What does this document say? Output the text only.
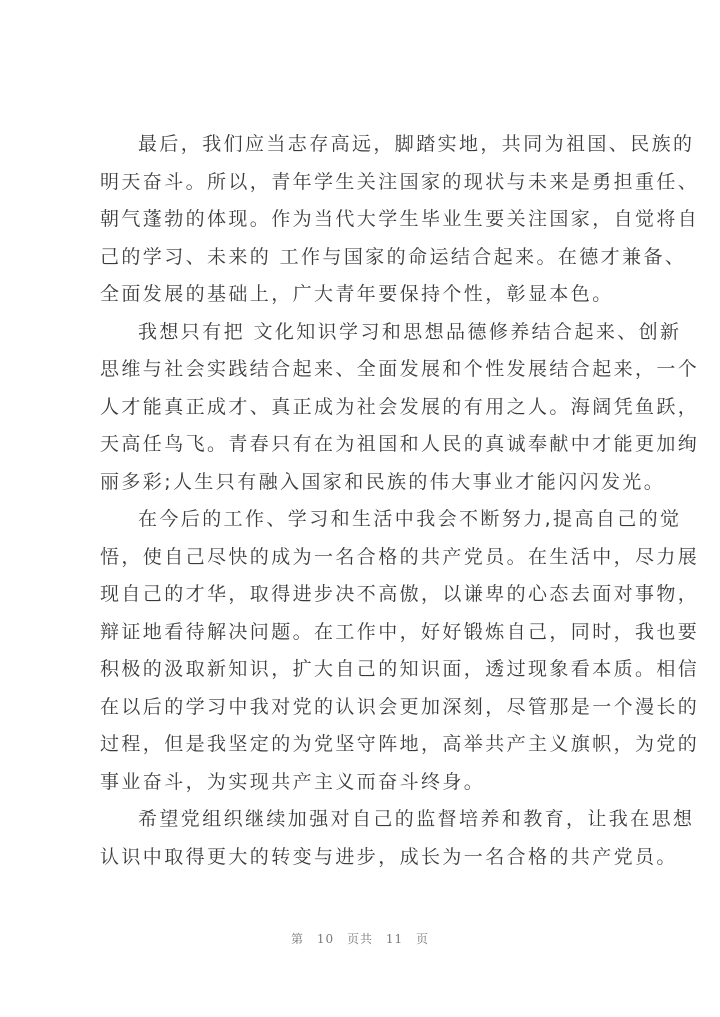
最后，我们应当志存高远，脚踏实地，共同为祖国、民族的
明天奋斗。所以，青年学生关注国家的现状与未来是勇担重任、
朝气蓬勃的体现。作为当代大学生毕业生要关注国家，自觉将自
己的学习、未来的 工作与国家的命运结合起来。在德才兼备、
全面发展的基础上，广大青年要保持个性，彰显本色。

我想只有把 文化知识学习和思想品德修养结合起来、创新
思维与社会实践结合起来、全面发展和个性发展结合起来，一个
人才能真正成才、真正成为社会发展的有用之人。海阔凭鱼跃，
天高任鸟飞。青春只有在为祖国和人民的真诚奉献中才能更加绚
丽多彩;人生只有融入国家和民族的伟大事业才能闪闪发光。

在今后的工作、学习和生活中我会不断努力,提高自己的觉
悟，使自己尽快的成为一名合格的共产党员。在生活中，尽力展
现自己的才华，取得进步决不高傲，以谦卑的心态去面对事物，
辩证地看待解决问题。在工作中，好好锻炼自己，同时，我也要
积极的汲取新知识，扩大自己的知识面，透过现象看本质。相信
在以后的学习中我对党的认识会更加深刻，尽管那是一个漫长的
过程，但是我坚定的为党坚守阵地，高举共产主义旗帜，为党的
事业奋斗，为实现共产主义而奋斗终身。

希望党组织继续加强对自己的监督培养和教育，让我在思想
认识中取得更大的转变与进步，成长为一名合格的共产党员。

第 10 页共 11 页
